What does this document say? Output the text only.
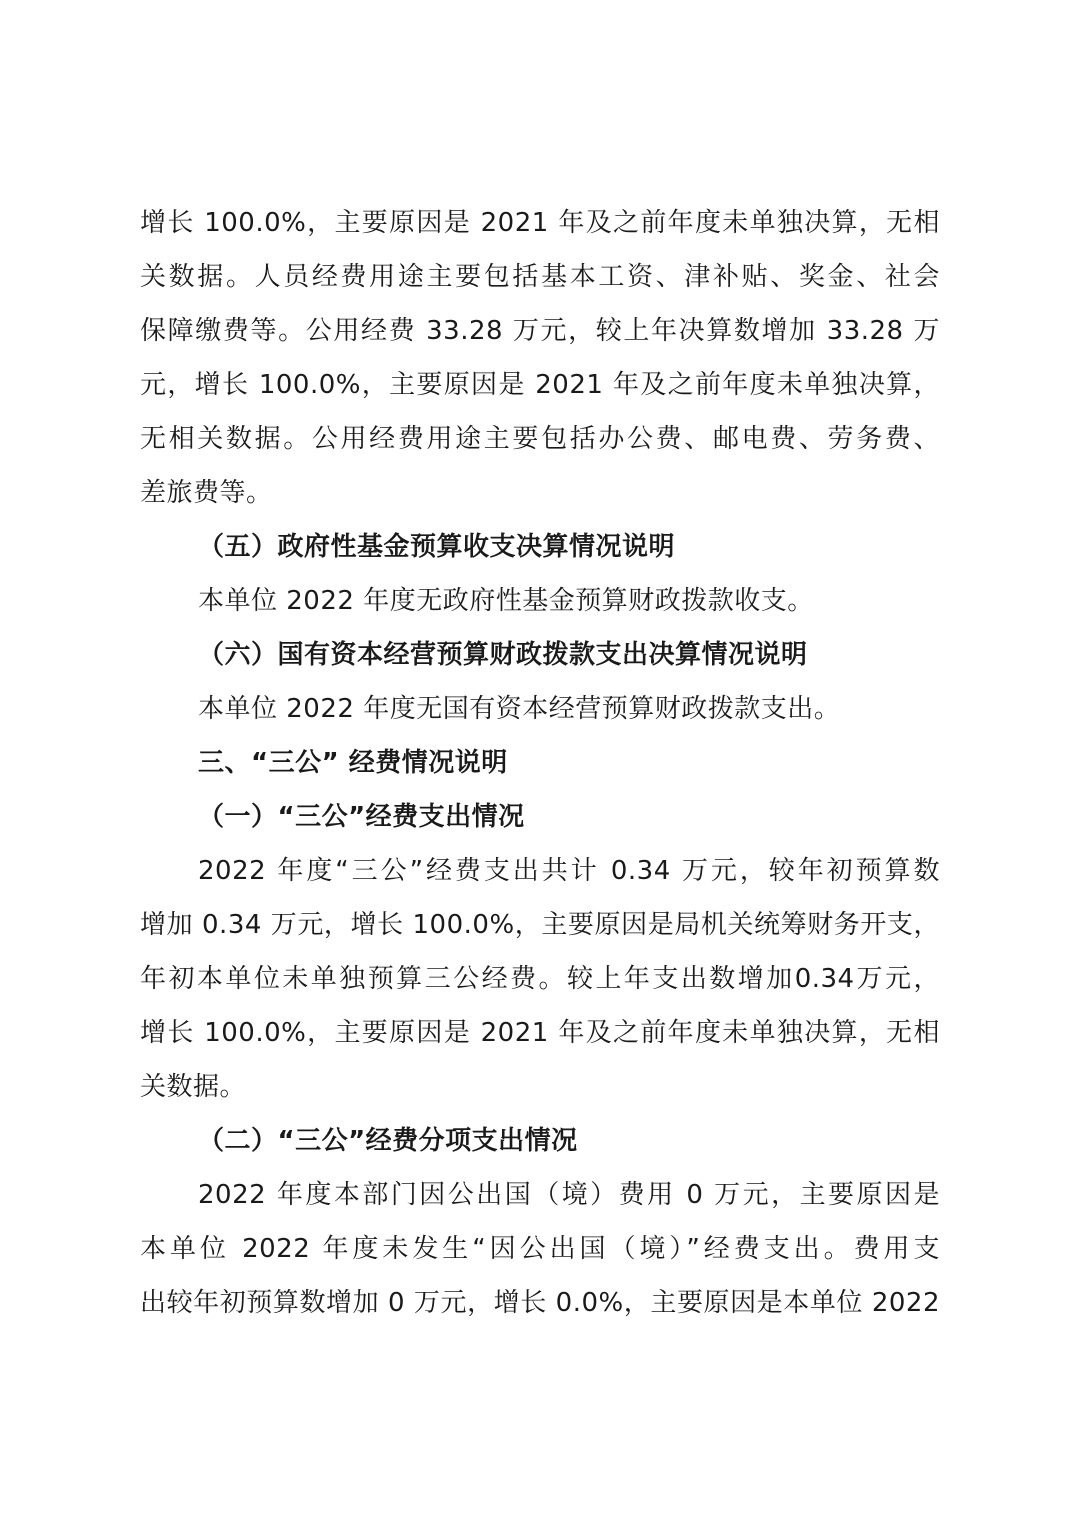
增长 100.0%，主要原因是 2021 年及之前年度未单独决算，无相
关数据。人员经费用途主要包括基本工资、津补贴、奖金、社会
保障缴费等。公用经费 33.28 万元，较上年决算数增加 33.28 万
元，增长 100.0%，主要原因是 2021 年及之前年度未单独决算，
无相关数据。公用经费用途主要包括办公费、邮电费、劳务费、
差旅费等。
（五）政府性基金预算收支决算情况说明
本单位 2022 年度无政府性基金预算财政拨款收支。
（六）国有资本经营预算财政拨款支出决算情况说明
本单位 2022 年度无国有资本经营预算财政拨款支出。
三、“三公” 经费情况说明
（一）“三公”经费支出情况
2022 年度“三公”经费支出共计 0.34 万元，较年初预算数
增加 0.34 万元，增长 100.0%，主要原因是局机关统筹财务开支，
年初本单位未单独预算三公经费。较上年支出数增加0.34万元，
增长 100.0%，主要原因是 2021 年及之前年度未单独决算，无相
关数据。
（二）“三公”经费分项支出情况
2022 年度本部门因公出国（境）费用 0 万元，主要原因是
本单位 2022 年度未发生“因公出国（境）”经费支出。费用支
出较年初预算数增加 0 万元，增长 0.0%，主要原因是本单位 2022
